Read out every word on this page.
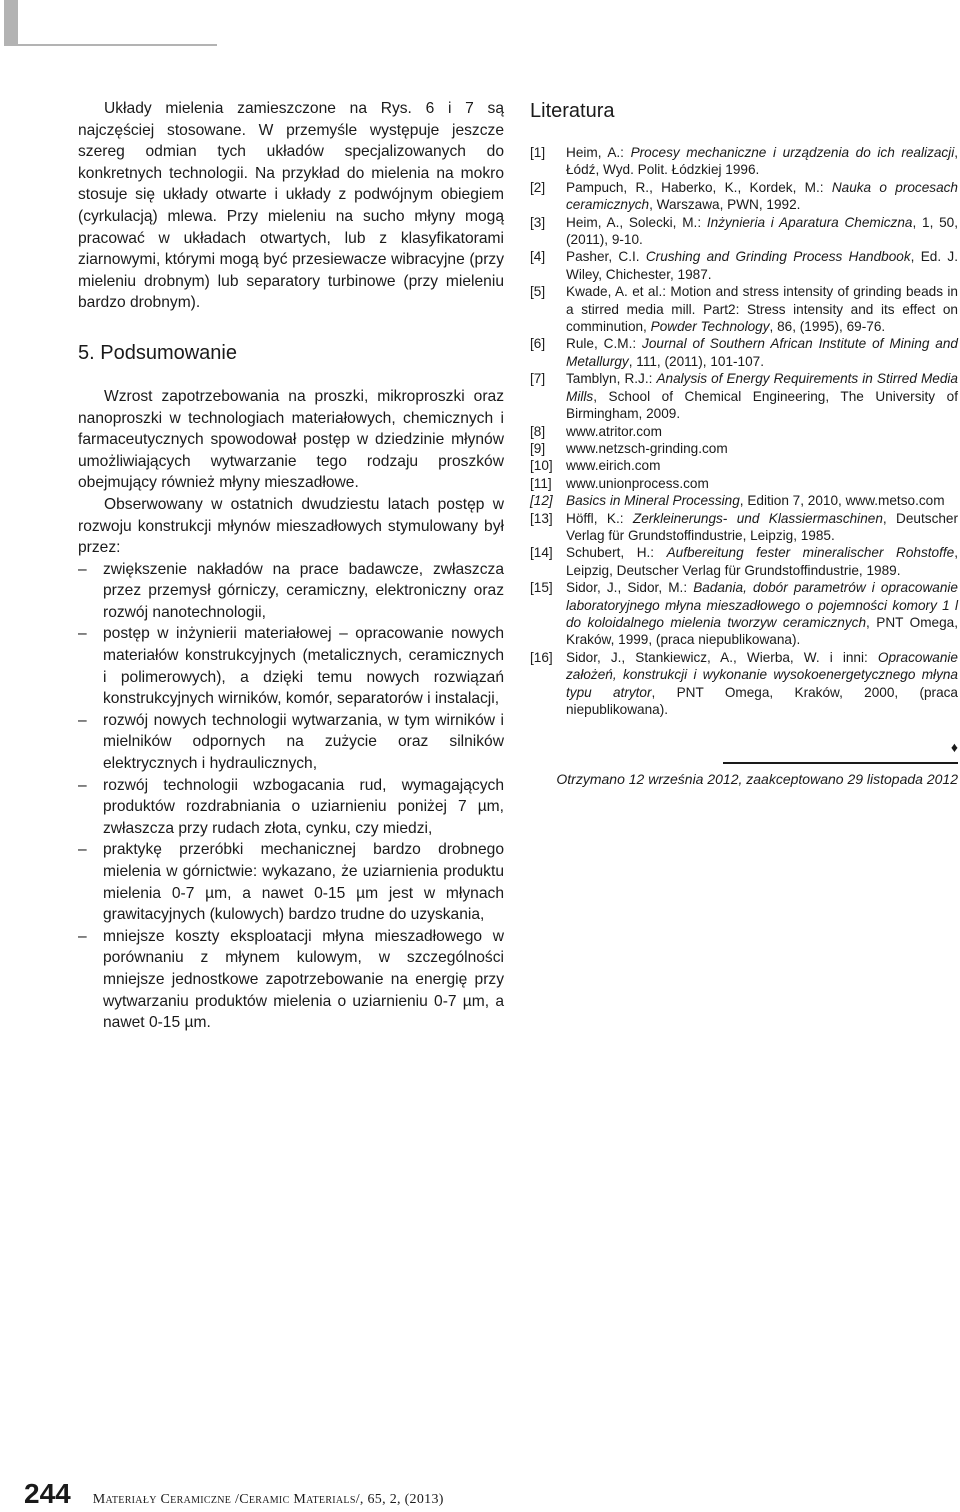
Układy mielenia zamieszczone na Rys. 6 i 7 są najczęściej stosowane. W przemyśle występuje jeszcze szereg odmian tych układów specjalizowanych do konkretnych technologii. Na przykład do mielenia na mokro stosuje się układy otwarte i układy z podwójnym obiegiem (cyrkulacją) mlewa. Przy mieleniu na sucho młyny mogą pracować w układach otwartych, lub z klasyfikatorami ziarnowymi, którymi mogą być przesiewacze wibracyjne (przy mieleniu drobnym) lub separatory turbinowe (przy mieleniu bardzo drobnym).

5. Podsumowanie

Wzrost zapotrzebowania na proszki, mikroproszki oraz nanoproszki w technologiach materiałowych, chemicznych i farmaceutycznych spowodował postęp w dziedzinie młynów umożliwiających wytwarzanie tego rodzaju proszków obejmujący również młyny mieszadłowe.

Obserwowany w ostatnich dwudziestu latach postęp w rozwoju konstrukcji młynów mieszadłowych stymulowany był przez:

–	zwiększenie nakładów na prace badawcze, zwłaszcza przez przemysł górniczy, ceramiczny, elektroniczny oraz rozwój nanotechnologii,
–	postęp w inżynierii materiałowej – opracowanie nowych materiałów konstrukcyjnych (metalicznych, ceramicznych i polimerowych), a dzięki temu nowych rozwiązań konstrukcyjnych wirników, komór, separatorów i instalacji,
–	rozwój nowych technologii wytwarzania, w tym wirników i mielników odpornych na zużycie oraz silników elektrycznych i hydraulicznych,
–	rozwój technologii wzbogacania rud, wymagających produktów rozdrabniania o uziarnieniu poniżej 7 µm, zwłaszcza przy rudach złota, cynku, czy miedzi,
–	praktykę przeróbki mechanicznej bardzo drobnego mielenia w górnictwie: wykazano, że uziarnienia produktu mielenia 0-7 µm, a nawet 0-15 µm jest w młynach grawitacyjnych (kulowych) bardzo trudne do uzyskania,
–	mniejsze koszty eksploatacji młyna mieszadłowego w porównaniu z młynem kulowym, w szczególności mniejsze jednostkowe zapotrzebowanie na energię przy wytwarzaniu produktów mielenia o uziarnieniu 0-7 µm, a nawet 0-15 µm.
Literatura
[1]	Heim, A.: Procesy mechaniczne i urządzenia do ich realizacji, Łódź, Wyd. Polit. Łódzkiej 1996.
[2]	Pampuch, R., Haberko, K., Kordek, M.: Nauka o procesach ceramicznych, Warszawa, PWN, 1992.
[3]	Heim, A., Solecki, M.: Inżynieria i Aparatura Chemiczna, 1, 50, (2011), 9-10.
[4]	Pasher, C.I. Crushing and Grinding Process Handbook, Ed. J. Wiley, Chichester, 1987.
[5]	Kwade, A. et al.: Motion and stress intensity of grinding beads in a stirred media mill. Part2: Stress intensity and its effect on comminution, Powder Technology, 86, (1995), 69-76.
[6]	Rule, C.M.: Journal of Southern African Institute of Mining and Metallurgy, 111, (2011), 101-107.
[7]	Tamblyn, R.J.: Analysis of Energy Requirements in Stirred Media Mills, School of Chemical Engineering, The University of Birmingham, 2009.
[8]	www.atritor.com
[9]	www.netzsch-grinding.com
[10] www.eirich.com
[11]	www.unionprocess.com
[12] Basics in Mineral Processing, Edition 7, 2010, www.metso.com
[13] Höffl, K.: Zerkleinerungs- und Klassiermaschinen, Deutscher Verlag für Grundstoffindustrie, Leipzig, 1985.
[14] Schubert, H.: Aufbereitung fester mineralischer Rohstoffe, Leipzig, Deutscher Verlag für Grundstoffindustrie, 1989.
[15] Sidor, J., Sidor, M.: Badania, dobór parametrów i opracowanie laboratoryjnego młyna mieszadłowego o pojemności komory 1 l do koloidalnego mielenia tworzyw ceramicznych, PNT Omega, Kraków, 1999, (praca niepublikowana).
[16] Sidor, J., Stankiewicz, A., Wierba, W. i inni: Opracowanie założeń, konstrukcji i wykonanie wysokoenergetycznego młyna typu atrytor, PNT Omega, Kraków, 2000, (praca niepublikowana).
♦
Otrzymano 12 września 2012, zaakceptowano 29 listopada 2012
244 Materiały Ceramiczne /Ceramic Materials/, 65, 2, (2013)
